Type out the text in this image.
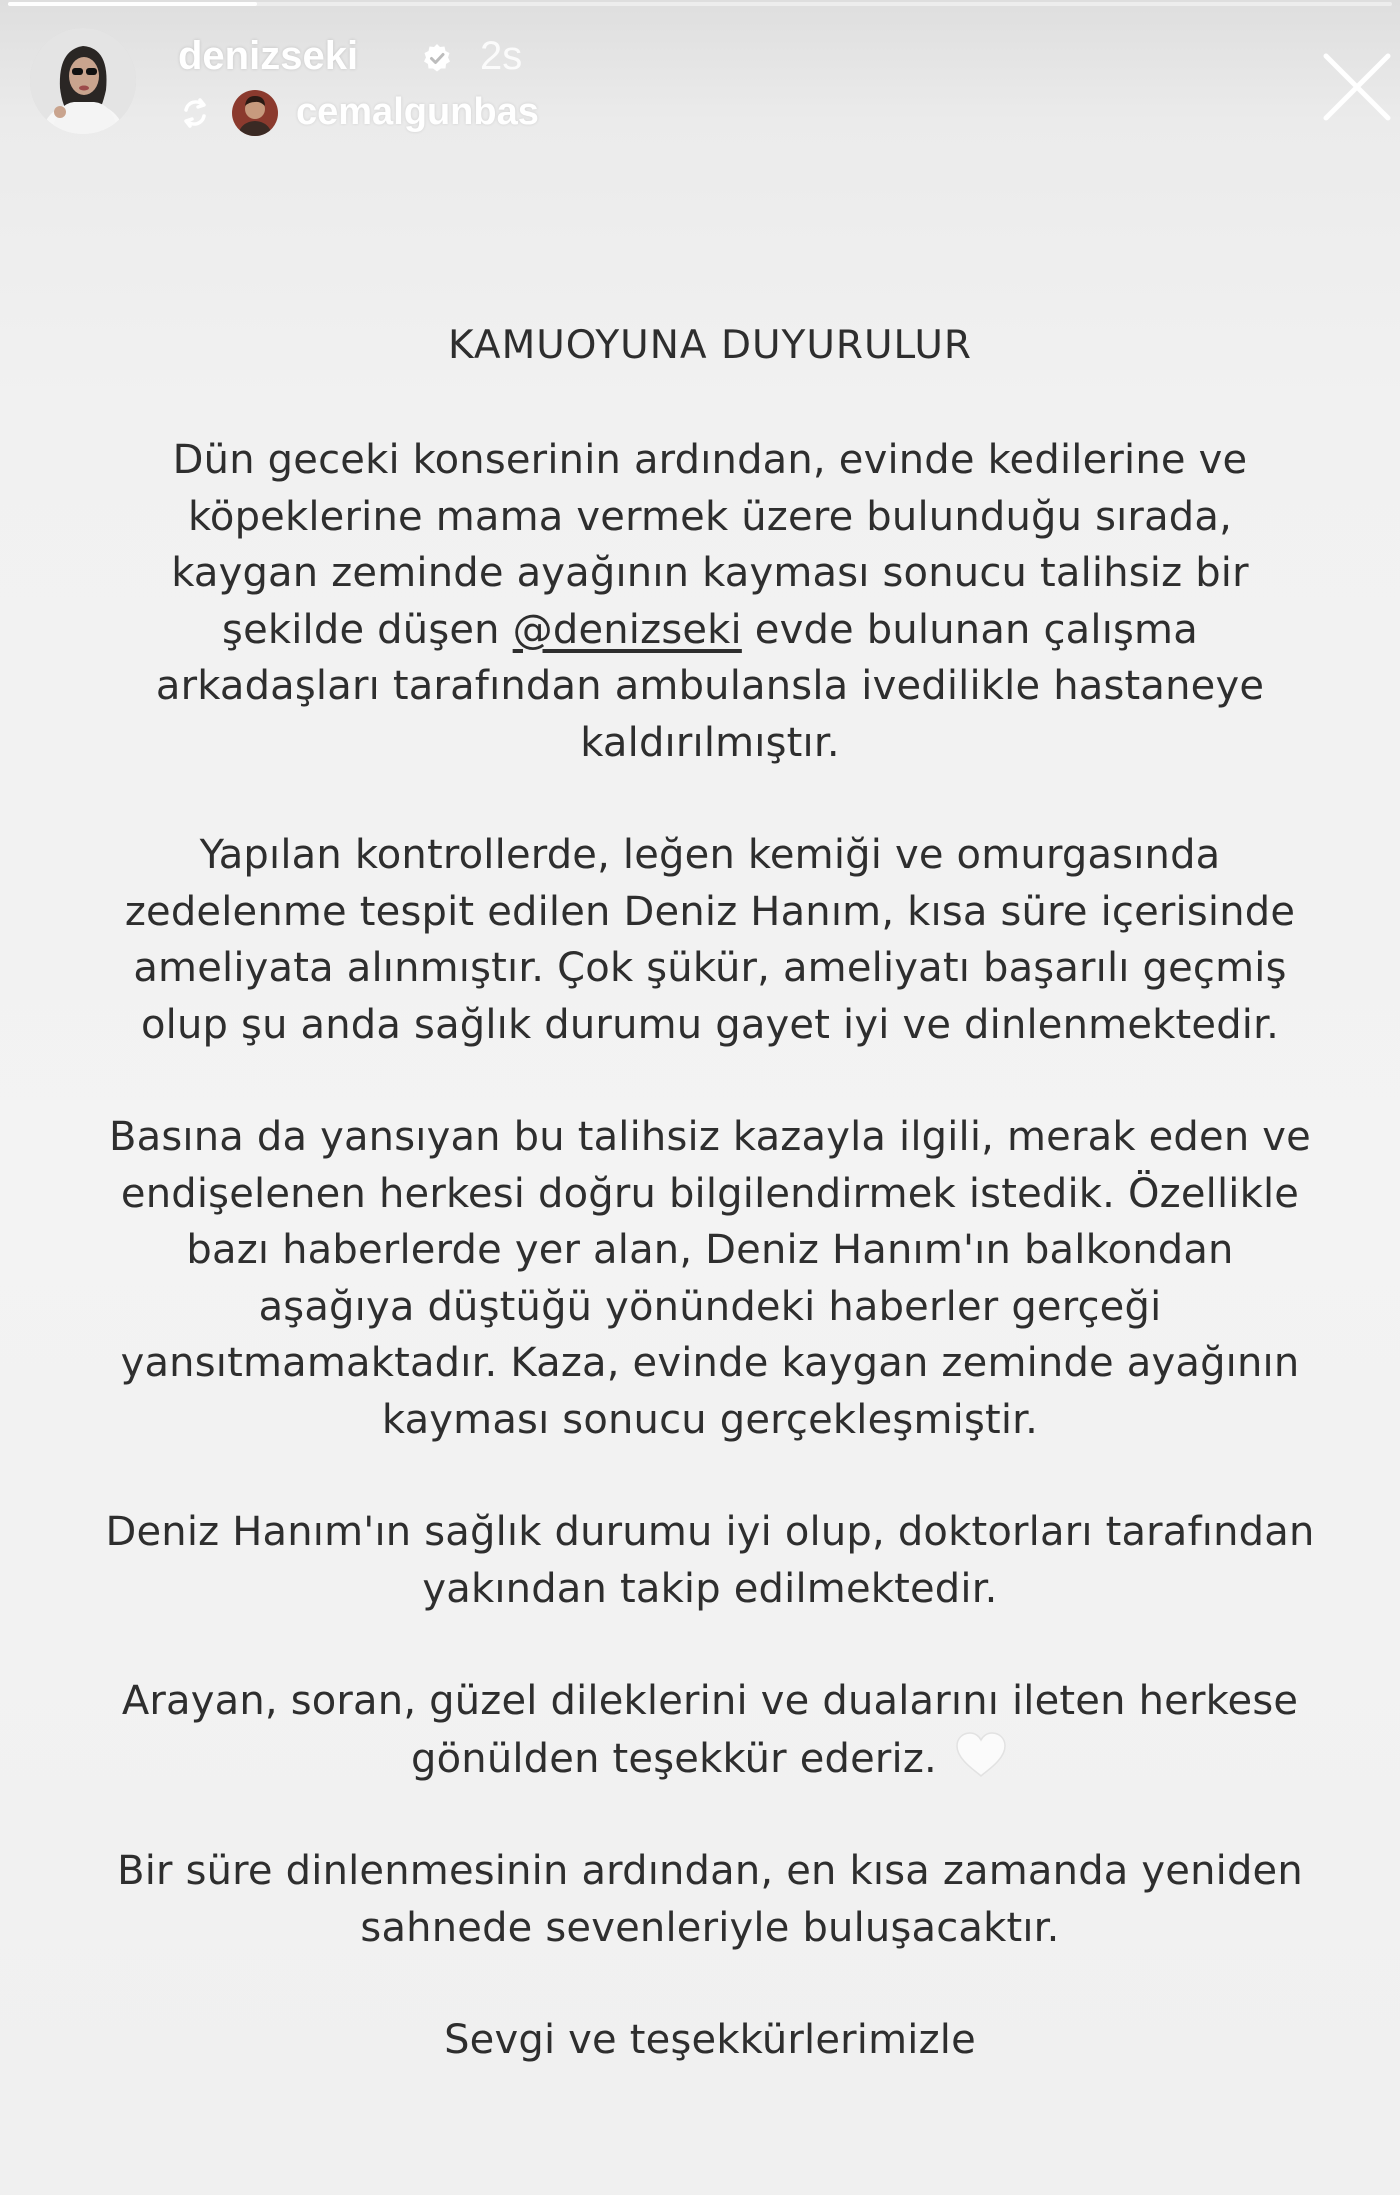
denizseki	2s
cemalgunbas
KAMUOYUNA DUYURULUR
Dün geceki konserinin ardından, evinde kedilerine ve
köpeklerine mama vermek üzere bulunduğu sırada,
kaygan zeminde ayağının kayması sonucu talihsiz bir
şekilde düşen @denizseki evde bulunan çalışma
arkadaşları tarafından ambulansla ivedilikle hastaneye
kaldırılmıştır.
Yapılan kontrollerde, leğen kemiği ve omurgasında
zedelenme tespit edilen Deniz Hanım, kısa süre içerisinde
ameliyata alınmıştır. Çok şükür, ameliyatı başarılı geçmiş
olup şu anda sağlık durumu gayet iyi ve dinlenmektedir.
Basına da yansıyan bu talihsiz kazayla ilgili, merak eden ve
endişelenen herkesi doğru bilgilendirmek istedik. Özellikle
bazı haberlerde yer alan, Deniz Hanım'ın balkondan
aşağıya düştüğü yönündeki haberler gerçeği
yansıtmamaktadır. Kaza, evinde kaygan zeminde ayağının
kayması sonucu gerçekleşmiştir.
Deniz Hanım'ın sağlık durumu iyi olup, doktorları tarafından
yakından takip edilmektedir.
Arayan, soran, güzel dileklerini ve dualarını ileten herkese
gönülden teşekkür ederiz.
Bir süre dinlenmesinin ardından, en kısa zamanda yeniden
sahnede sevenleriyle buluşacaktır.
Sevgi ve teşekkürlerimizle
